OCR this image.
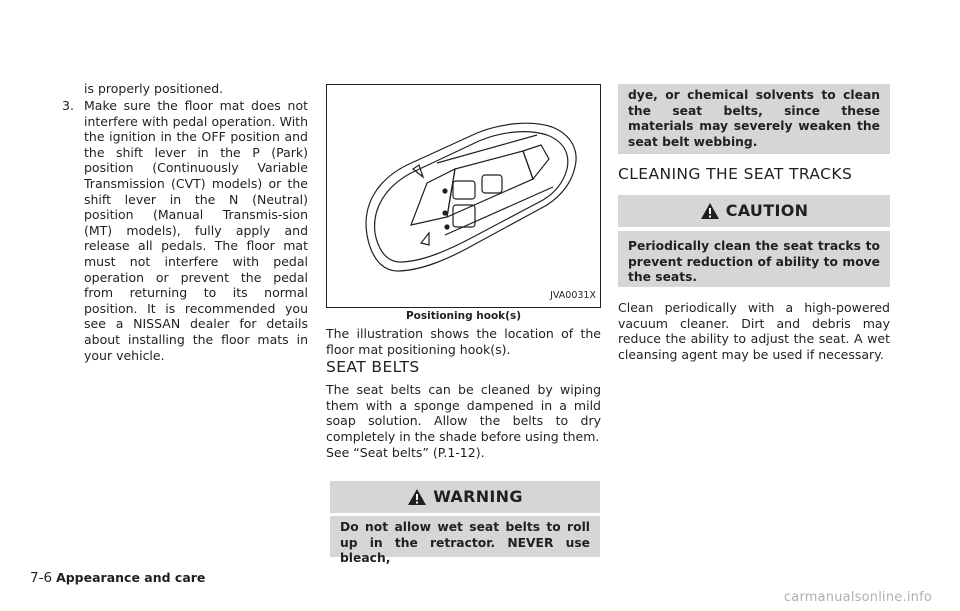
is properly positioned.

3. Make sure the floor mat does not interfere with pedal operation. With the ignition in the OFF position and the shift lever in the P (Park) position (Continuously Variable Transmission (CVT) models) or the shift lever in the N (Neutral) position (Manual Transmis-sion (MT) models), fully apply and release all pedals. The floor mat must not interfere with pedal operation or prevent the pedal from returning to its normal position. It is recommended you see a NISSAN dealer for details about installing the floor mats in your vehicle.

JVA0031X
Positioning hook(s)

The illustration shows the location of the floor mat positioning hook(s).

SEAT BELTS

The seat belts can be cleaned by wiping them with a sponge dampened in a mild soap solution. Allow the belts to dry completely in the shade before using them.

See “Seat belts” (P.1-12).

WARNING

Do not allow wet seat belts to roll up in the retractor. NEVER use bleach,

dye, or chemical solvents to clean the seat belts, since these materials may severely weaken the seat belt webbing.

CLEANING THE SEAT TRACKS
CAUTION

Periodically clean the seat tracks to prevent reduction of ability to move the seats.

Clean periodically with a high-powered vacuum cleaner. Dirt and debris may reduce the ability to adjust the seat. A wet cleansing agent may be used if necessary.

7-6 Appearance and care
carmanualsonline.info
